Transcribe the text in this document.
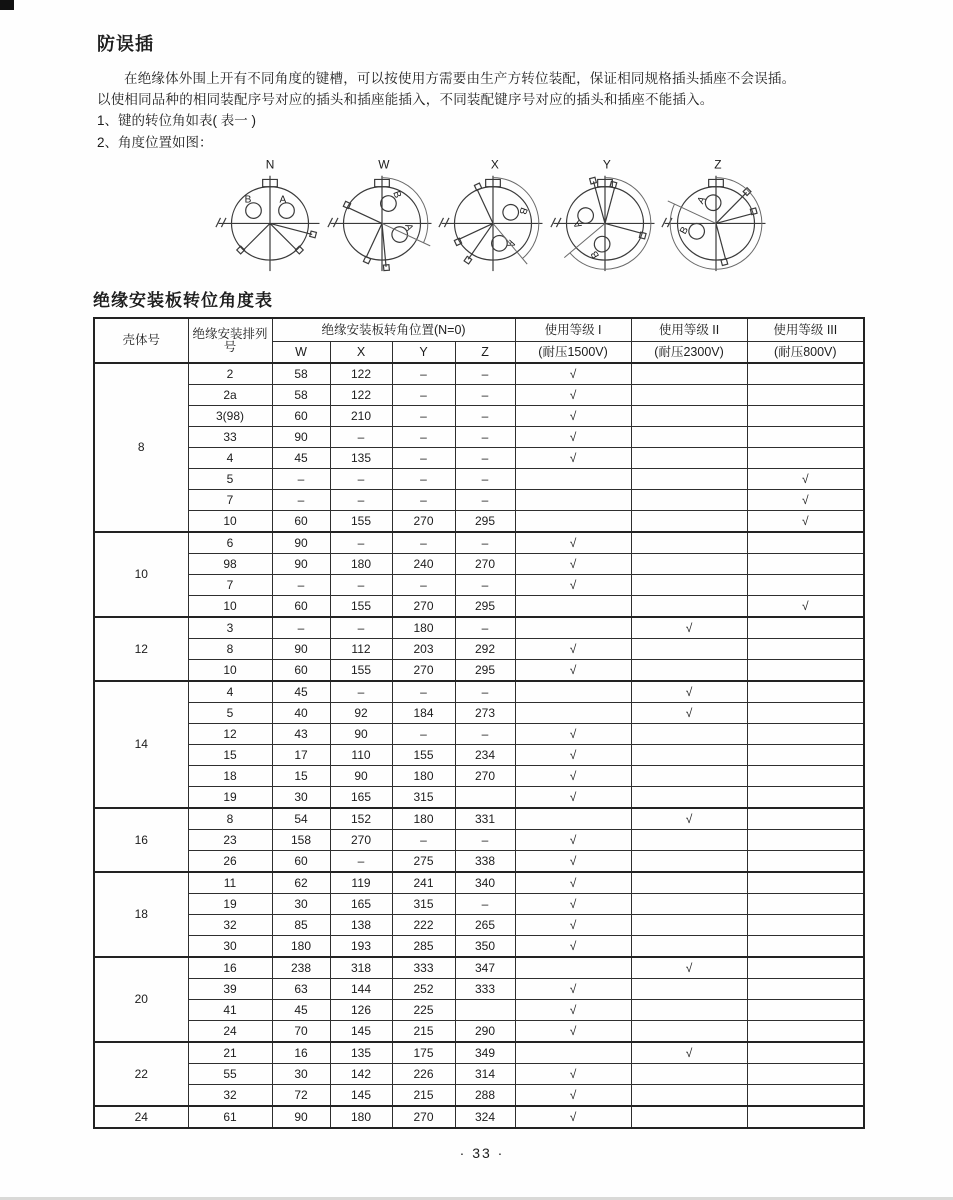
防误插

在绝缘体外围上开有不同角度的键槽，可以按使用方需要由生产方转位装配，保证相同规格插头插座不会误插。

以使相同品种的相同装配序号对应的插头和插座能插入，不同装配键序号对应的插头和插座不能插入。

1、键的转位角如表( 表一 )

2、角度位置如图：

N
B	A	B
A
W
B
A
X
B
A
Y
B
A
Z
绝缘安装板转位角度表
壳体号	绝缘安装排列号	绝缘安装板转角位置(N=0)				使用等级 I	使用等级 II	使用等级 III
		W	X	Y	Z	(耐压1500V)	(耐压2300V)	(耐压800V)
8	2	58	122	–	–	√		
	2a	58	122	–	–	√		
	3(98)	60	210	–	–	√		
	33	90	–	–	–	√		
	4	45	135	–	–	√		
	5	–	–	–	–			√
	7	–	–	–	–			√
	10	60	155	270	295			√
10	6	90	–	–	–	√		
	98	90	180	240	270	√		
	7	–	–	–	–	√		
	10	60	155	270	295			√
12	3	–	–	180	–		√	
	8	90	112	203	292	√		
	10	60	155	270	295	√		
14	4	45	–	–	–		√	
	5	40	92	184	273		√	
	12	43	90	–	–	√		
	15	17	110	155	234	√		
	18	15	90	180	270	√		
	19	30	165	315		√		
16	8	54	152	180	331		√	
	23	158	270	–	–	√		
	26	60	–	275	338	√		
18	11	62	119	241	340	√		
	19	30	165	315	–	√		
	32	85	138	222	265	√		
	30	180	193	285	350	√		
20	16	238	318	333	347		√	
	39	63	144	252	333	√		
	41	45	126	225		√		
	24	70	145	215	290	√		
22	21	16	135	175	349		√	
	55	30	142	226	314	√		
	32	72	145	215	288	√		
24	61	90	180	270	324	√		
· 33 ·
